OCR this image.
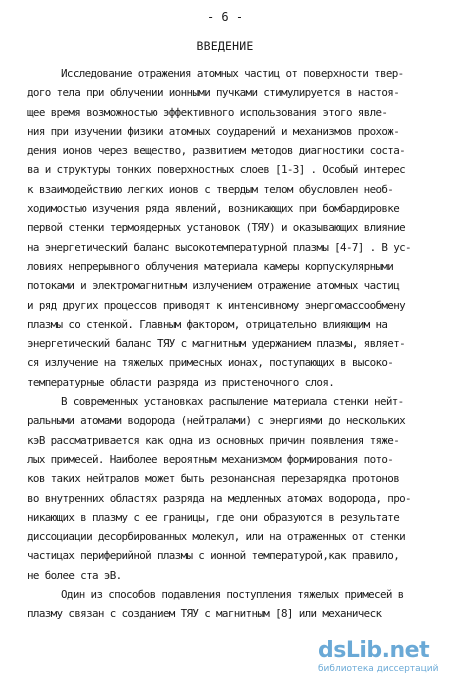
- 6 -
ВВЕДЕНИЕ
Исследование отражения атомных частиц от поверхности твер-
дого тела при облучении ионными пучками стимулируется в настоя-
щее время возможностью эффективного использования этого явле-
ния при изучении физики атомных соударений и механизмов прохож-
дения ионов через вещество, развитием методов диагностики соста-
ва и структуры тонких поверхностных слоев [1-3] . Особый интерес
к взаимодействию легких ионов с твердым телом обусловлен необ-
ходимостью изучения ряда явлений, возникающих при бомбардировке
первой стенки термоядерных установок (ТЯУ) и оказывающих влияние
на энергетический баланс высокотемпературной плазмы [4-7] . В ус-
ловиях непрерывного облучения материала камеры корпускулярными
потоками и электромагнитным излучением отражение атомных частиц
и ряд других процессов приводят к интенсивному энергомассообмену
плазмы со стенкой. Главным фактором, отрицательно влияющим на
энергетический баланс ТЯУ с магнитным удержанием плазмы, являет-
ся излучение на тяжелых примесных ионах, поступающих в высоко-
температурные области разряда из пристеночного слоя.
В современных установках распыление материала стенки нейт-
ральными атомами водорода (нейтралами) с энергиями до нескольких
кэВ рассматривается как одна из основных причин появления тяже-
лых примесей. Наиболее вероятным механизмом формирования пото-
ков таких нейтралов может быть резонансная перезарядка протонов
во внутренних областях разряда на медленных атомах водорода, про-
никающих в плазму с ее границы, где они образуются в результате
диссоциации десорбированных молекул, или на отраженных от стенки
частицах периферийной плазмы с ионной температурой,как правило,
не более ста эВ.
Один из способов подавления поступления тяжелых примесей в
плазму связан с созданием ТЯУ с магнитным [8] или механическ
dsLib.net
библиотека диссертаций
